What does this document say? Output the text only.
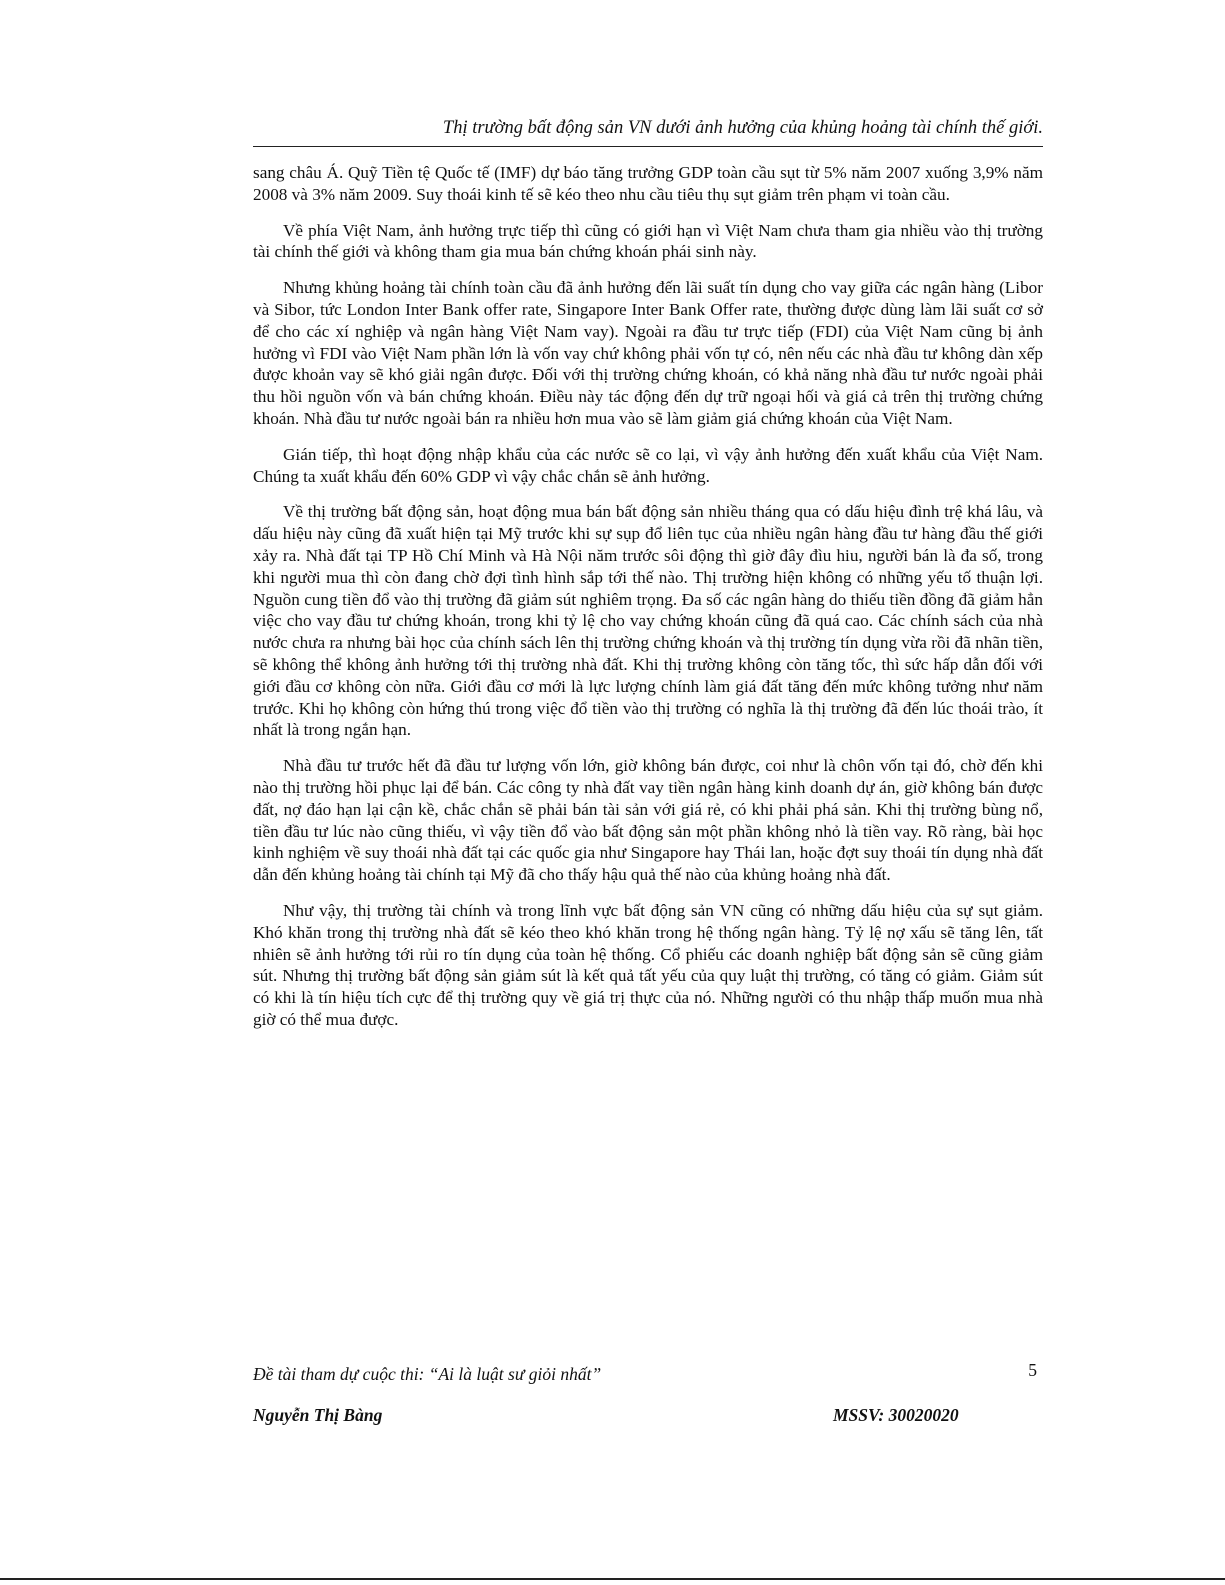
Thị trường bất động sản VN dưới ảnh hưởng của khủng hoảng tài chính thế giới.

sang châu Á. Quỹ Tiền tệ Quốc tế (IMF) dự báo tăng trưởng GDP toàn cầu sụt từ 5% năm 2007 xuống 3,9% năm 2008 và 3% năm 2009. Suy thoái kinh tế sẽ kéo theo nhu cầu tiêu thụ sụt giảm trên phạm vi toàn cầu.

Về phía Việt Nam, ảnh hưởng trực tiếp thì cũng có giới hạn vì Việt Nam chưa tham gia nhiều vào thị trường tài chính thế giới và không tham gia mua bán chứng khoán phái sinh này.

Nhưng khủng hoảng tài chính toàn cầu đã ảnh hưởng đến lãi suất tín dụng cho vay giữa các ngân hàng (Libor và Sibor, tức London Inter Bank offer rate, Singapore Inter Bank Offer rate, thường được dùng làm lãi suất cơ sở để cho các xí nghiệp và ngân hàng Việt Nam vay). Ngoài ra đầu tư trực tiếp (FDI) của Việt Nam cũng bị ảnh hưởng vì FDI vào Việt Nam phần lớn là vốn vay chứ không phải vốn tự có, nên nếu các nhà đầu tư không dàn xếp được khoản vay sẽ khó giải ngân được. Đối với thị trường chứng khoán, có khả năng nhà đầu tư nước ngoài phải thu hồi nguồn vốn và bán chứng khoán. Điều này tác động đến dự trữ ngoại hối và giá cả trên thị trường chứng khoán. Nhà đầu tư nước ngoài bán ra nhiều hơn mua vào sẽ làm giảm giá chứng khoán của Việt Nam.

Gián tiếp, thì hoạt động nhập khẩu của các nước sẽ co lại, vì vậy ảnh hưởng đến xuất khẩu của Việt Nam. Chúng ta xuất khẩu đến 60% GDP vì vậy chắc chắn sẽ ảnh hưởng.

Về thị trường bất động sản, hoạt động mua bán bất động sản nhiều tháng qua có dấu hiệu đình trệ khá lâu, và dấu hiệu này cũng đã xuất hiện tại Mỹ trước khi sự sụp đổ liên tục của nhiều ngân hàng đầu tư hàng đầu thế giới xảy ra. Nhà đất tại TP Hồ Chí Minh và Hà Nội năm trước sôi động thì giờ đây đìu hiu, người bán là đa số, trong khi người mua thì còn đang chờ đợi tình hình sắp tới thế nào. Thị trường hiện không có những yếu tố thuận lợi. Nguồn cung tiền đổ vào thị trường đã giảm sút nghiêm trọng. Đa số các ngân hàng do thiếu tiền đồng đã giảm hẳn việc cho vay đầu tư chứng khoán, trong khi tỷ lệ cho vay chứng khoán cũng đã quá cao. Các chính sách của nhà nước chưa ra nhưng bài học của chính sách lên thị trường chứng khoán và thị trường tín dụng vừa rồi đã nhãn tiền, sẽ không thể không ảnh hưởng tới thị trường nhà đất. Khi thị trường không còn tăng tốc, thì sức hấp dẫn đối với giới đầu cơ không còn nữa. Giới đầu cơ mới là lực lượng chính làm giá đất tăng đến mức không tưởng như năm trước. Khi họ không còn hứng thú trong việc đổ tiền vào thị trường có nghĩa là thị trường đã đến lúc thoái trào, ít nhất là trong ngắn hạn.

Nhà đầu tư trước hết đã đầu tư lượng vốn lớn, giờ không bán được, coi như là chôn vốn tại đó, chờ đến khi nào thị trường hồi phục lại để bán. Các công ty nhà đất vay tiền ngân hàng kinh doanh dự án, giờ không bán được đất, nợ đáo hạn lại cận kề, chắc chắn sẽ phải bán tài sản với giá rẻ, có khi phải phá sản. Khi thị trường bùng nổ, tiền đầu tư lúc nào cũng thiếu, vì vậy tiền đổ vào bất động sản một phần không nhỏ là tiền vay. Rõ ràng, bài học kinh nghiệm về suy thoái nhà đất tại các quốc gia như Singapore hay Thái lan, hoặc đợt suy thoái tín dụng nhà đất dẫn đến khủng hoảng tài chính tại Mỹ đã cho thấy hậu quả thế nào của khủng hoảng nhà đất.

Như vậy, thị trường tài chính và trong lĩnh vực bất động sản VN cũng có những dấu hiệu của sự sụt giảm. Khó khăn trong thị trường nhà đất sẽ kéo theo khó khăn trong hệ thống ngân hàng. Tỷ lệ nợ xấu sẽ tăng lên, tất nhiên sẽ ảnh hưởng tới rủi ro tín dụng của toàn hệ thống. Cổ phiếu các doanh nghiệp bất động sản sẽ cũng giảm sút. Nhưng thị trường bất động sản giảm sút là kết quả tất yếu của quy luật thị trường, có tăng có giảm. Giảm sút có khi là tín hiệu tích cực để thị trường quy về giá trị thực của nó. Những người có thu nhập thấp muốn mua nhà giờ có thể mua được.

Đề tài tham dự cuộc thi: “Ai là luật sư giỏi nhất”	5
Nguyễn Thị Bàng	MSSV: 30020020
